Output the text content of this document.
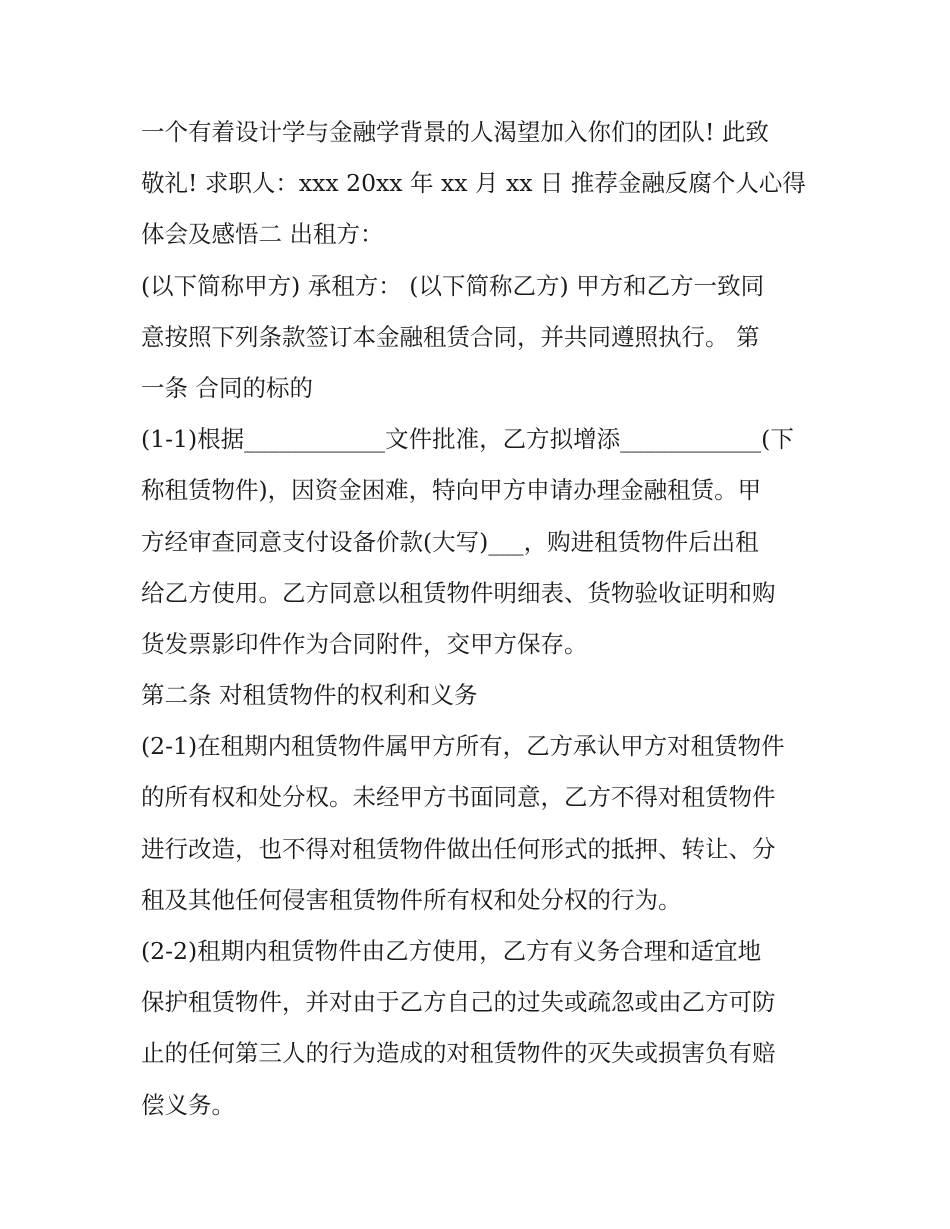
一个有着设计学与金融学背景的人渴望加入你们的团队! 此致
敬礼! 求职人：xxx 20xx 年 xx 月 xx 日 推荐金融反腐个人心得
体会及感悟二 出租方：
(以下简称甲方) 承租方： (以下简称乙方) 甲方和乙方一致同
意按照下列条款签订本金融租赁合同，并共同遵照执行。 第
一条 合同的标的
(1-1)根据____________文件批准，乙方拟增添____________(下
称租赁物件)，因资金困难，特向甲方申请办理金融租赁。甲
方经审查同意支付设备价款(大写)___，购进租赁物件后出租
给乙方使用。乙方同意以租赁物件明细表、货物验收证明和购
货发票影印件作为合同附件，交甲方保存。
第二条 对租赁物件的权利和义务
(2-1)在租期内租赁物件属甲方所有，乙方承认甲方对租赁物件
的所有权和处分权。未经甲方书面同意，乙方不得对租赁物件
进行改造，也不得对租赁物件做出任何形式的抵押、转让、分
租及其他任何侵害租赁物件所有权和处分权的行为。
(2-2)租期内租赁物件由乙方使用，乙方有义务合理和适宜地
保护租赁物件，并对由于乙方自己的过失或疏忽或由乙方可防
止的任何第三人的行为造成的对租赁物件的灭失或损害负有赔
偿义务。
